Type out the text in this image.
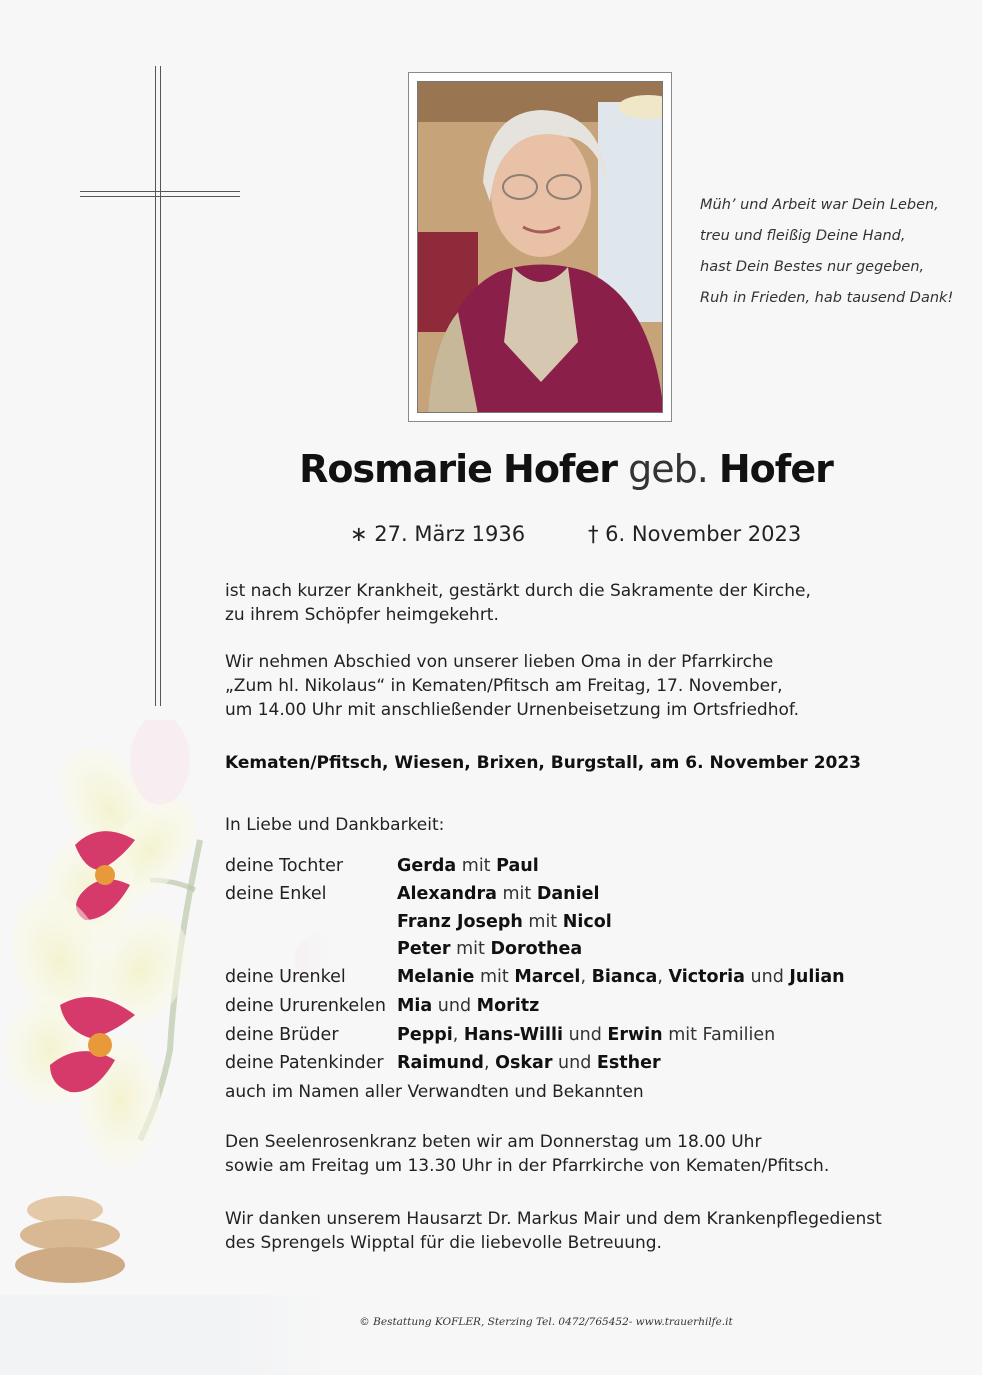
Müh’ und Arbeit war Dein Leben,
treu und fleißig Deine Hand,
hast Dein Bestes nur gegeben,
Ruh in Frieden, hab tausend Dank!
Rosmarie Hofer geb. Hofer
∗ 27. März 1936	† 6. November 2023
ist nach kurzer Krankheit, gestärkt durch die Sakramente der Kirche,
zu ihrem Schöpfer heimgekehrt.
Wir nehmen Abschied von unserer lieben Oma in der Pfarrkirche
„Zum hl. Nikolaus“ in Kematen/Pfitsch am Freitag, 17. November,
um 14.00 Uhr mit anschließender Urnenbeisetzung im Ortsfriedhof.
Kematen/Pfitsch, Wiesen, Brixen, Burgstall, am 6. November 2023
In Liebe und Dankbarkeit:
deine Tochter	Gerda mit Paul
deine Enkel	Alexandra mit Daniel
Franz Joseph mit Nicol
Peter mit Dorothea
deine Urenkel	Melanie mit Marcel, Bianca, Victoria und Julian
deine Ururenkelen Mia und Moritz
deine Brüder	Peppi, Hans-Willi und Erwin mit Familien
deine Patenkinder Raimund, Oskar und Esther
auch im Namen aller Verwandten und Bekannten
Den Seelenrosenkranz beten wir am Donnerstag um 18.00 Uhr
sowie am Freitag um 13.30 Uhr in der Pfarrkirche von Kematen/Pfitsch.
Wir danken unserem Hausarzt Dr. Markus Mair und dem Krankenpflegedienst
des Sprengels Wipptal für die liebevolle Betreuung.
© Bestattung KOFLER, Sterzing Tel. 0472/765452- www.trauerhilfe.it
